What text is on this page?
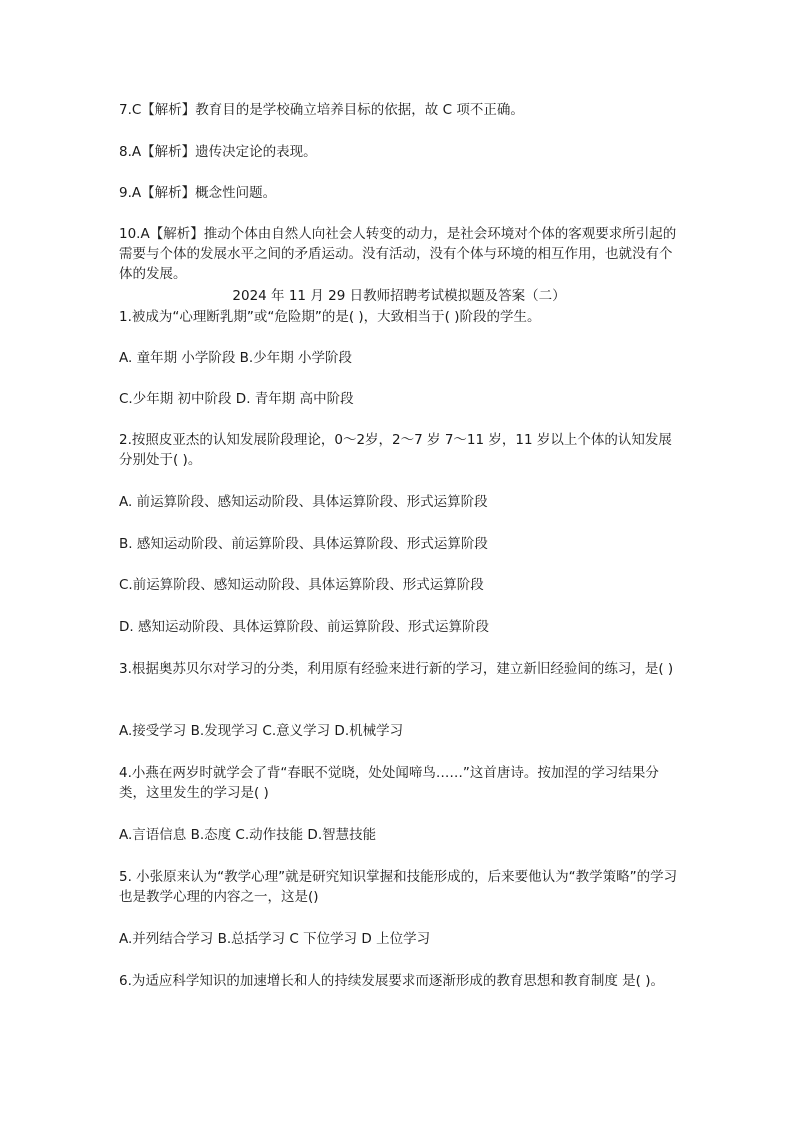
7.C【解析】教育目的是学校确立培养目标的依据，故 C 项不正确。

8.A【解析】遗传决定论的表现。

9.A【解析】概念性问题。

10.A【解析】推动个体由自然人向社会人转变的动力，是社会环境对个体的客观要求所引起的需要与个体的发展水平之间的矛盾运动。没有活动，没有个体与环境的相互作用，也就没有个体的发展。

2024 年 11 月 29 日教师招聘考试模拟题及答案（二）

1.被成为“心理断乳期”或“危险期”的是( )，大致相当于( )阶段的学生。

A. 童年期 小学阶段 B.少年期 小学阶段

C.少年期 初中阶段 D. 青年期 高中阶段

2.按照皮亚杰的认知发展阶段理论，0～2岁，2～7 岁 7～11 岁，11 岁以上个体的认知发展分别处于( )。

A. 前运算阶段、感知运动阶段、具体运算阶段、形式运算阶段

B. 感知运动阶段、前运算阶段、具体运算阶段、形式运算阶段

C.前运算阶段、感知运动阶段、具体运算阶段、形式运算阶段

D. 感知运动阶段、具体运算阶段、前运算阶段、形式运算阶段

3.根据奥苏贝尔对学习的分类，利用原有经验来进行新的学习，建立新旧经验间的练习，是( )

A.接受学习 B.发现学习 C.意义学习 D.机械学习

4.小燕在两岁时就学会了背“春眠不觉晓，处处闻啼鸟……”这首唐诗。按加涅的学习结果分类，这里发生的学习是( )

A.言语信息 B.态度 C.动作技能 D.智慧技能

5. 小张原来认为“教学心理”就是研究知识掌握和技能形成的，后来要他认为“教学策略”的学习也是教学心理的内容之一，这是()

A.并列结合学习 B.总括学习 C 下位学习 D 上位学习

6.为适应科学知识的加速增长和人的持续发展要求而逐渐形成的教育思想和教育制度 是( )。
